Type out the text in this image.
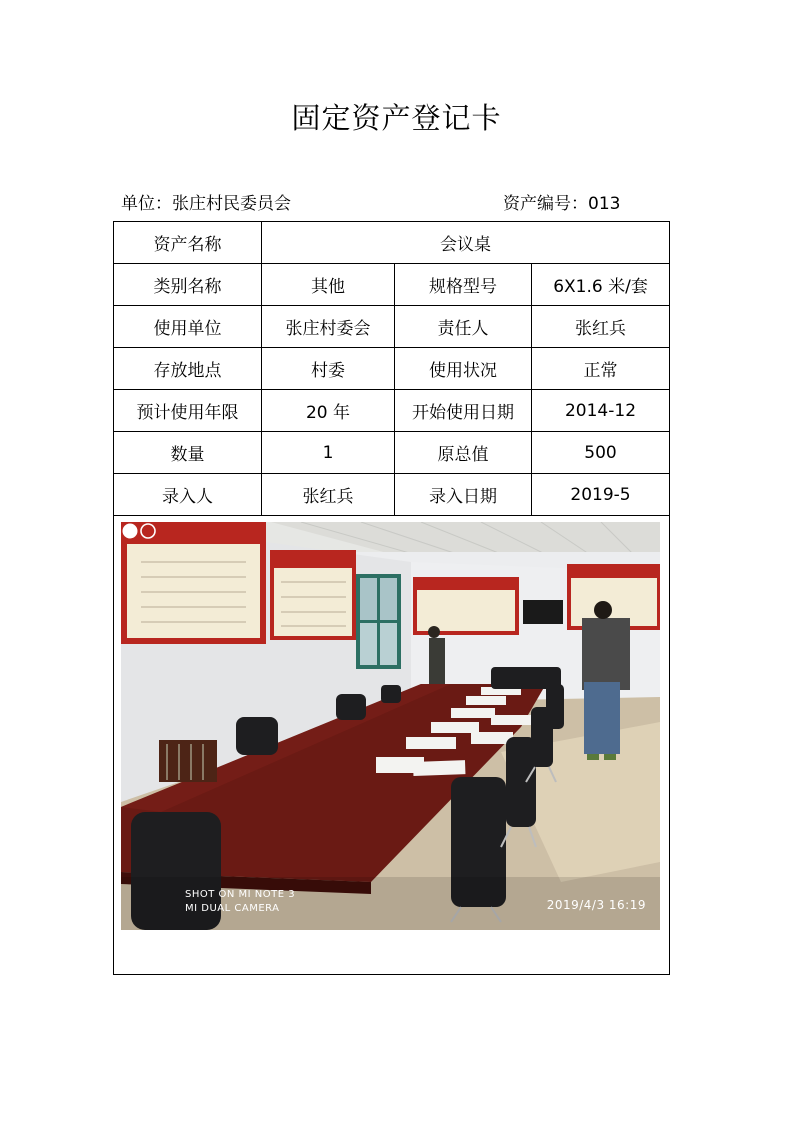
固定资产登记卡
单位：张庄村民委员会	资产编号：013
资产名称	会议桌		
类别名称	其他	规格型号	6X1.6 米/套
使用单位	张庄村委会	责任人	张红兵
存放地点	村委	使用状况	正常
预计使用年限	20 年	开始使用日期	2014-12
数量	1	原总值	500
录入人	张红兵	录入日期	2019-5

SHOT ON MI NOTE 3
MI DUAL CAMERA 2019/4/3 16:19			
